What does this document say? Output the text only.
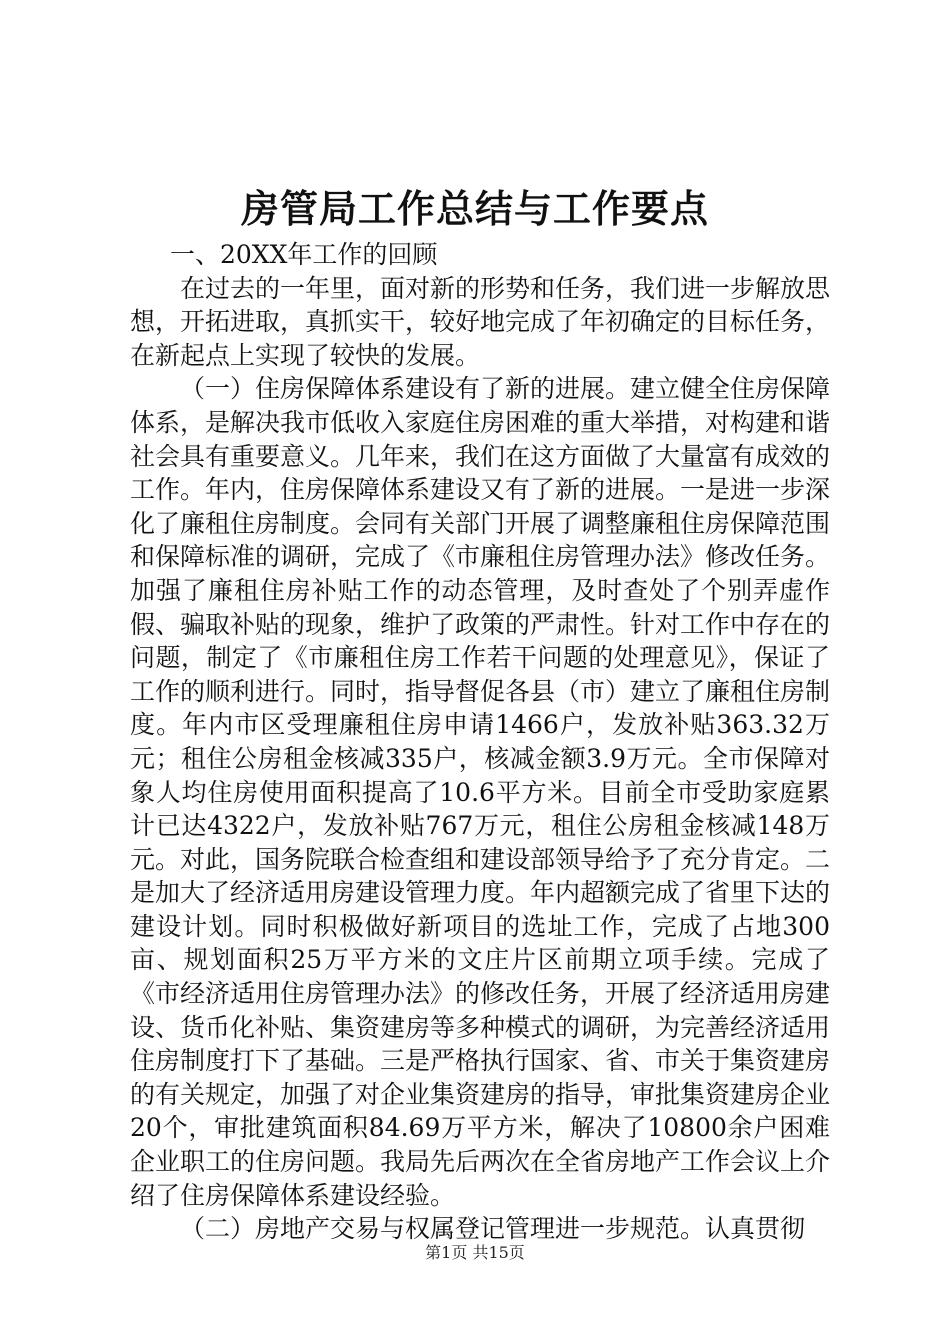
房管局工作总结与工作要点

一、20XX年工作的回顾

在过去的一年里，面对新的形势和任务，我们进一步解放思想，开拓进取，真抓实干，较好地完成了年初确定的目标任务，在新起点上实现了较快的发展。

（一）住房保障体系建设有了新的进展。建立健全住房保障体系，是解决我市低收入家庭住房困难的重大举措，对构建和谐社会具有重要意义。几年来，我们在这方面做了大量富有成效的工作。年内，住房保障体系建设又有了新的进展。一是进一步深化了廉租住房制度。会同有关部门开展了调整廉租住房保障范围和保障标准的调研，完成了《市廉租住房管理办法》修改任务。加强了廉租住房补贴工作的动态管理，及时查处了个别弄虚作假、骗取补贴的现象，维护了政策的严肃性。针对工作中存在的问题，制定了《市廉租住房工作若干问题的处理意见》，保证了工作的顺利进行。同时，指导督促各县（市）建立了廉租住房制度。年内市区受理廉租住房申请1466户，发放补贴363.32万元；租住公房租金核减335户，核减金额3.9万元。全市保障对象人均住房使用面积提高了10.6平方米。目前全市受助家庭累计已达4322户，发放补贴767万元，租住公房租金核减148万元。对此，国务院联合检查组和建设部领导给予了充分肯定。二是加大了经济适用房建设管理力度。年内超额完成了省里下达的建设计划。同时积极做好新项目的选址工作，完成了占地300亩、规划面积25万平方米的文庄片区前期立项手续。完成了《市经济适用住房管理办法》的修改任务，开展了经济适用房建设、货币化补贴、集资建房等多种模式的调研，为完善经济适用住房制度打下了基础。三是严格执行国家、省、市关于集资建房的有关规定，加强了对企业集资建房的指导，审批集资建房企业20个，审批建筑面积84.69万平方米，解决了10800余户困难企业职工的住房问题。我局先后两次在全省房地产工作会议上介绍了住房保障体系建设经验。

（二）房地产交易与权属登记管理进一步规范。认真贯彻

第1页 共15页
